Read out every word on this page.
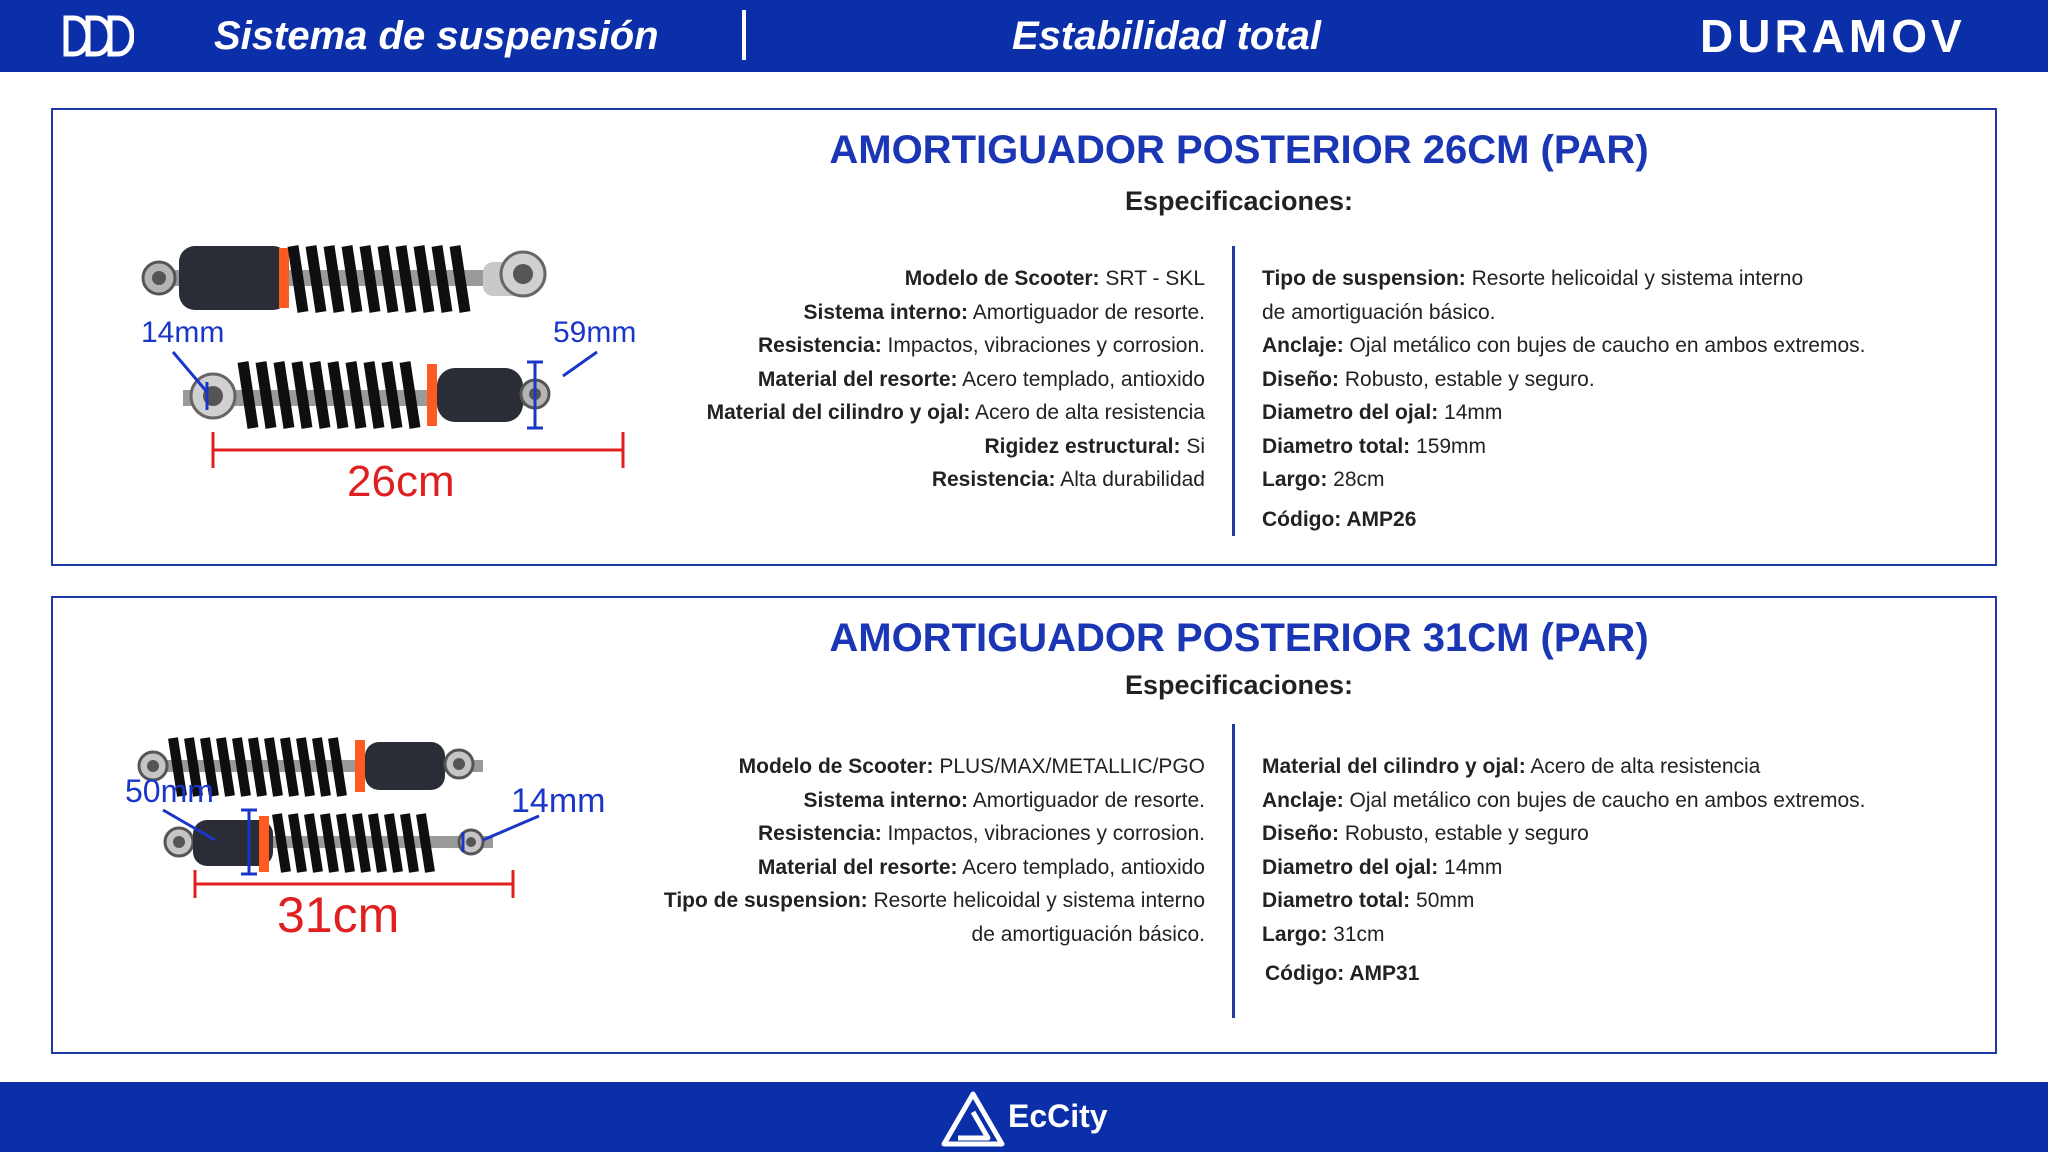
Sistema de suspensión	Estabilidad total	DURAMOV
AMORTIGUADOR POSTERIOR 26CM (PAR)
Especificaciones:
14mm	59mm
26cm
Modelo de Scooter: SRT - SKL
Sistema interno: Amortiguador de resorte.
Resistencia: Impactos, vibraciones y corrosion.
Material del resorte: Acero templado, antioxido
Material del cilindro y ojal: Acero de alta resistencia
Rigidez estructural: Si
Resistencia: Alta durabilidad
Tipo de suspension: Resorte helicoidal y sistema interno
de amortiguación básico.
Anclaje: Ojal metálico con bujes de caucho en ambos extremos.
Diseño: Robusto, estable y seguro.
Diametro del ojal: 14mm
Diametro total: 159mm
Largo: 28cm
Código: AMP26
AMORTIGUADOR POSTERIOR 31CM (PAR)
Especificaciones:
50mm	14mm
31cm
Modelo de Scooter: PLUS/MAX/METALLIC/PGO
Sistema interno: Amortiguador de resorte.
Resistencia: Impactos, vibraciones y corrosion.
Material del resorte: Acero templado, antioxido
Tipo de suspension: Resorte helicoidal y sistema interno
de amortiguación básico.
Material del cilindro y ojal: Acero de alta resistencia
Anclaje: Ojal metálico con bujes de caucho en ambos extremos.
Diseño: Robusto, estable y seguro
Diametro del ojal: 14mm
Diametro total: 50mm
Largo: 31cm
Código: AMP31
EcCity
